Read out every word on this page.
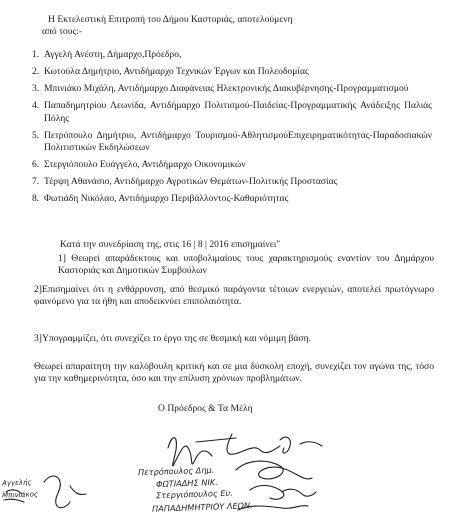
Η Εκτελεστική Επιτροπή του Δήμου Καστοριάς, αποτελούμενη
από τους:-
1. Αγγελή Ανέστη, Δήμαρχο,Πρόεδρο,
2. Κωτούλα Δημήτριο, Αντιδήμαρχο Τεχνικών Έργων και Πολεοδομίας
3. Μπινιάκο Μιχάλη, Αντιδήμαρχο Διαφάνειας Ηλεκτρονικής Διακυβέρνησης-Προγραμματισμού
4. Παπαδημητρίου Λεωνίδα, Αντιδήμαρχο Πολιτισμού-Παιδείας-Προγραμματικής Ανάδειξης Παλιάς Πόλης
5. Πετρόπουλο Δημήτριο, Αντιδήμαρχο Τουρισμού-ΑθλητισμούΕπιχειρηματικότητας-Παραδοσιακών Πολιτιστικών Εκδηλώσεων
6. Στεργιόπουλο Ευάγγελο, Αντιδήμαρχο Οικονομικών
7. Τέρψη Αθανάσιο, Αντιδήμαρχο Αγροτικών Θεμάτων-Πολιτικής Προστασίας
8. Φωτιάδη Νικόλαο, Αντιδήμαρχο Περιβάλλοντος-Καθαριότητας
Κατά την συνεδρίαση της, στις 16 | 8 | 2016 επισημαίνει"
1] Θεωρεί απαράδεκτους και υποβολιμαίους τους χαρακτηρισμούς εναντίον του Δημάρχου Καστοριάς και Δημοτικών Συμβούλων
2]Επισημαίνει ότι η ενθάρρυνση, από θεσμικό παράγοντα τέτοιων ενεργειών, αποτελεί πρωτόγνωρο φαινόμενο για τα ήθη και αποδεικνύει επιπολαιότητα.
3]Υπογραμμίζει, ότι συνεχίζει το έργο της σε θεσμική και νόμιμη βάση.
Θεωρεί απαραίτητη την καλόβουλη κριτική και σε μια δύσκολη εποχή, συνεχίζει τον αγώνα της, τόσο για την καθημερινότητα, όσο και την επίλυση χρόνιων προβλημάτων.
Ο Πρόεδρος & Τα Μέλη
Πετρόπουλος Δημ.
ΦΩΤΙΑΔΗΣ ΝΙΚ.
Στεργιόπουλος Ευ.
ΠΑΠΑΔΗΜΗΤΡΙΟΥ ΛΕΩΝ.
Αγγελής
Μπινιάκος
